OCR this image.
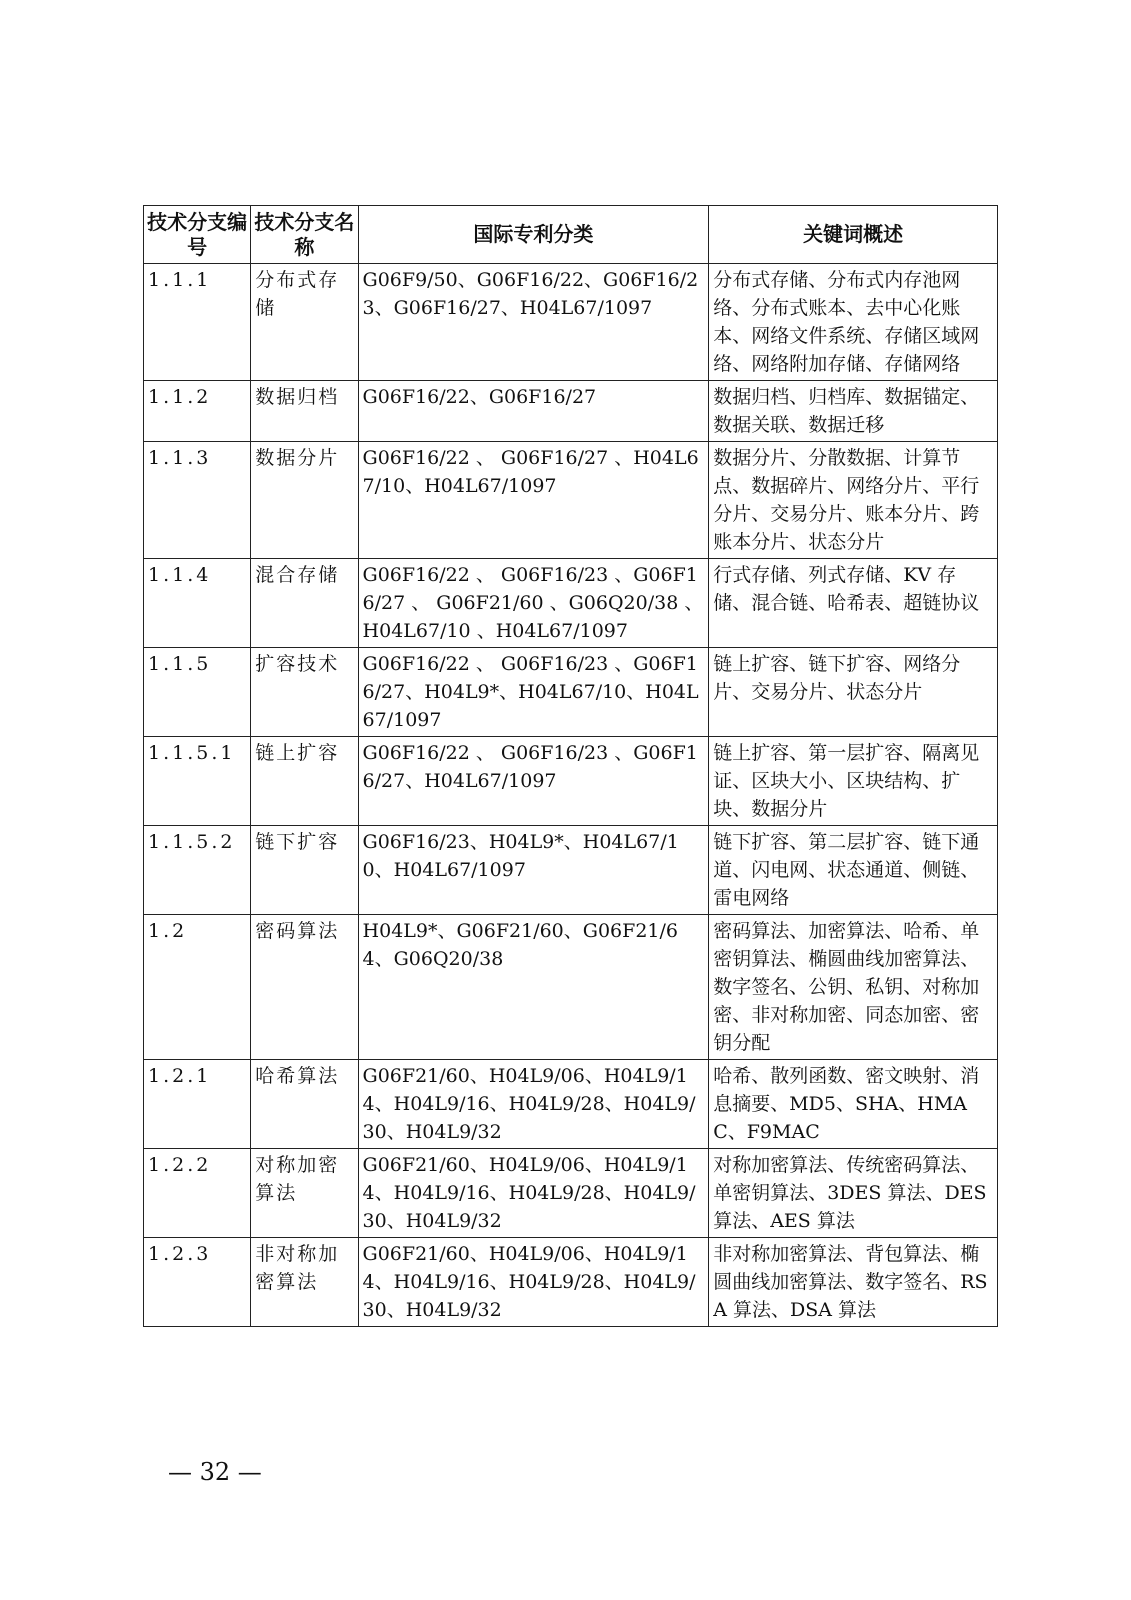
技术分支编号	技术分支名称	国际专利分类	关键词概述
1.1.1	分布式存储	G06F9/50、G06F16/22、G06F16/23、G06F16/27、H04L67/1097	分布式存储、分布式内存池网络、分布式账本、去中心化账本、网络文件系统、存储区域网络、网络附加存储、存储网络
1.1.2	数据归档	G06F16/22、G06F16/27	数据归档、归档库、数据锚定、数据关联、数据迁移
1.1.3	数据分片	G06F16/22 、 G06F16/27 、H04L67/10、H04L67/1097	数据分片、分散数据、计算节点、数据碎片、网络分片、平行分片、交易分片、账本分片、跨账本分片、状态分片
1.1.4	混合存储	G06F16/22 、 G06F16/23 、G06F16/27 、 G06F21/60 、G06Q20/38 、 H04L67/10 、H04L67/1097	行式存储、列式存储、KV 存储、混合链、哈希表、超链协议
1.1.5	扩容技术	G06F16/22 、 G06F16/23 、G06F16/27、H04L9*、H04L67/10、H04L67/1097	链上扩容、链下扩容、网络分片、交易分片、状态分片
1.1.5.1	链上扩容	G06F16/22 、 G06F16/23 、G06F16/27、H04L67/1097	链上扩容、第一层扩容、隔离见证、区块大小、区块结构、扩块、数据分片
1.1.5.2	链下扩容	G06F16/23、H04L9*、H04L67/10、H04L67/1097	链下扩容、第二层扩容、链下通道、闪电网、状态通道、侧链、雷电网络
1.2	密码算法	H04L9*、G06F21/60、G06F21/64、G06Q20/38	密码算法、加密算法、哈希、单密钥算法、椭圆曲线加密算法、数字签名、公钥、私钥、对称加密、非对称加密、同态加密、密钥分配
1.2.1	哈希算法	G06F21/60、H04L9/06、H04L9/14、H04L9/16、H04L9/28、H04L9/30、H04L9/32	哈希、散列函数、密文映射、消息摘要、MD5、SHA、HMAC、F9MAC
1.2.2	对称加密算法	G06F21/60、H04L9/06、H04L9/14、H04L9/16、H04L9/28、H04L9/30、H04L9/32	对称加密算法、传统密码算法、单密钥算法、3DES 算法、DES 算法、AES 算法
1.2.3	非对称加密算法	G06F21/60、H04L9/06、H04L9/14、H04L9/16、H04L9/28、H04L9/30、H04L9/32	非对称加密算法、背包算法、椭圆曲线加密算法、数字签名、RSA 算法、DSA 算法
— 32 —
